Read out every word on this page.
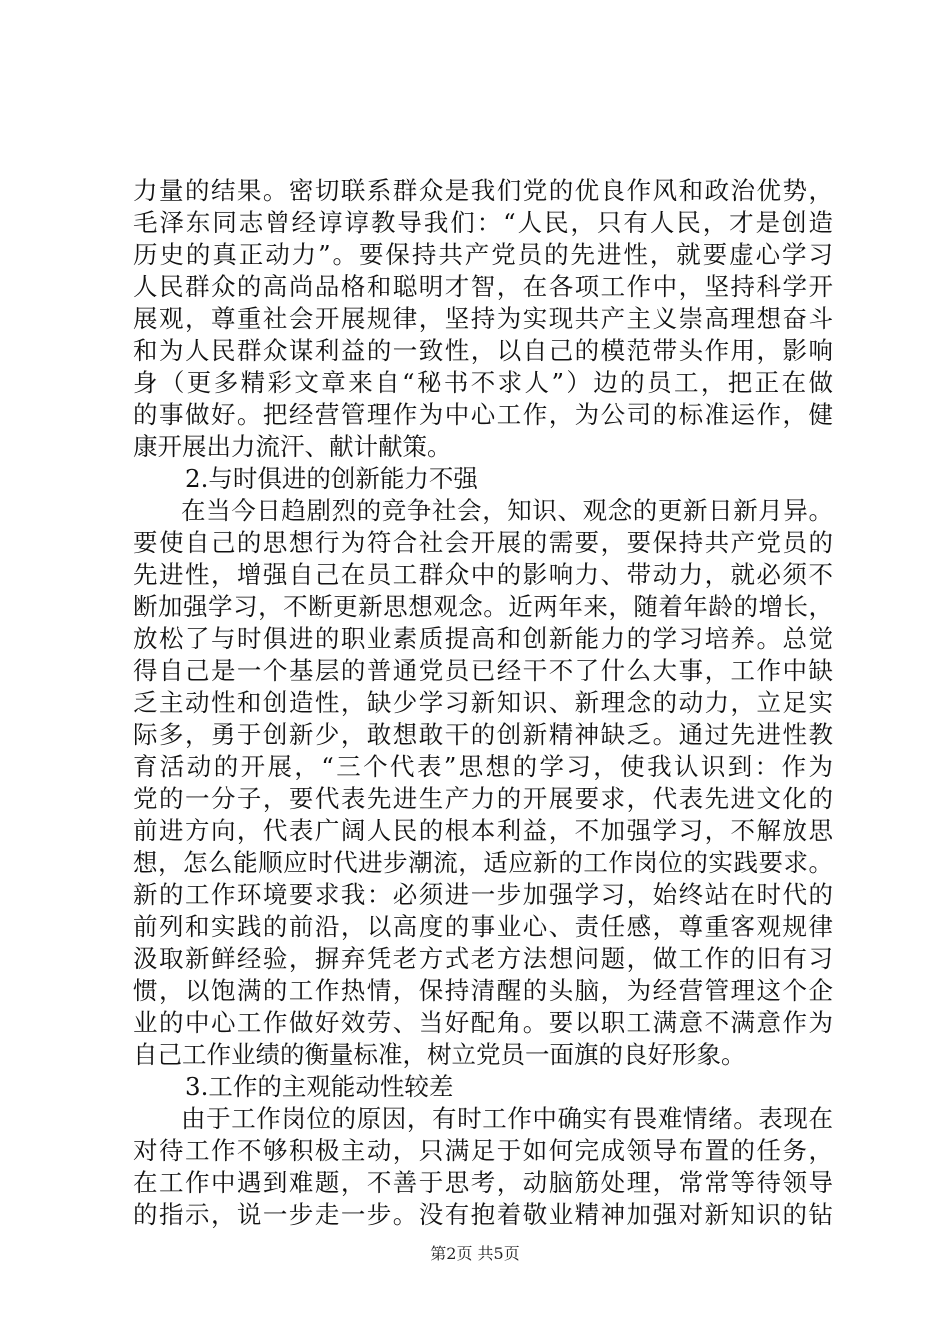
力量的结果。密切联系群众是我们党的优良作风和政治优势，
毛泽东同志曾经谆谆教导我们：“人民，只有人民，才是创造
历史的真正动力”。要保持共产党员的先进性，就要虚心学习
人民群众的高尚品格和聪明才智，在各项工作中，坚持科学开
展观，尊重社会开展规律，坚持为实现共产主义崇高理想奋斗
和为人民群众谋利益的一致性，以自己的模范带头作用，影响
身（更多精彩文章来自“秘书不求人”）边的员工，把正在做
的事做好。把经营管理作为中心工作，为公司的标准运作，健
康开展出力流汗、献计献策。
2.与时俱进的创新能力不强
在当今日趋剧烈的竞争社会，知识、观念的更新日新月异。
要使自己的思想行为符合社会开展的需要，要保持共产党员的
先进性，增强自己在员工群众中的影响力、带动力，就必须不
断加强学习，不断更新思想观念。近两年来，随着年龄的增长，
放松了与时俱进的职业素质提高和创新能力的学习培养。总觉
得自己是一个基层的普通党员已经干不了什么大事，工作中缺
乏主动性和创造性，缺少学习新知识、新理念的动力，立足实
际多，勇于创新少，敢想敢干的创新精神缺乏。通过先进性教
育活动的开展，“三个代表”思想的学习，使我认识到：作为
党的一分子，要代表先进生产力的开展要求，代表先进文化的
前进方向，代表广阔人民的根本利益，不加强学习，不解放思
想，怎么能顺应时代进步潮流，适应新的工作岗位的实践要求。
新的工作环境要求我：必须进一步加强学习，始终站在时代的
前列和实践的前沿，以高度的事业心、责任感，尊重客观规律
汲取新鲜经验，摒弃凭老方式老方法想问题，做工作的旧有习
惯，以饱满的工作热情，保持清醒的头脑，为经营管理这个企
业的中心工作做好效劳、当好配角。要以职工满意不满意作为
自己工作业绩的衡量标准，树立党员一面旗的良好形象。
3.工作的主观能动性较差
由于工作岗位的原因，有时工作中确实有畏难情绪。表现在
对待工作不够积极主动，只满足于如何完成领导布置的任务，
在工作中遇到难题，不善于思考，动脑筋处理，常常等待领导
的指示，说一步走一步。没有抱着敬业精神加强对新知识的钻
第2页 共5页
